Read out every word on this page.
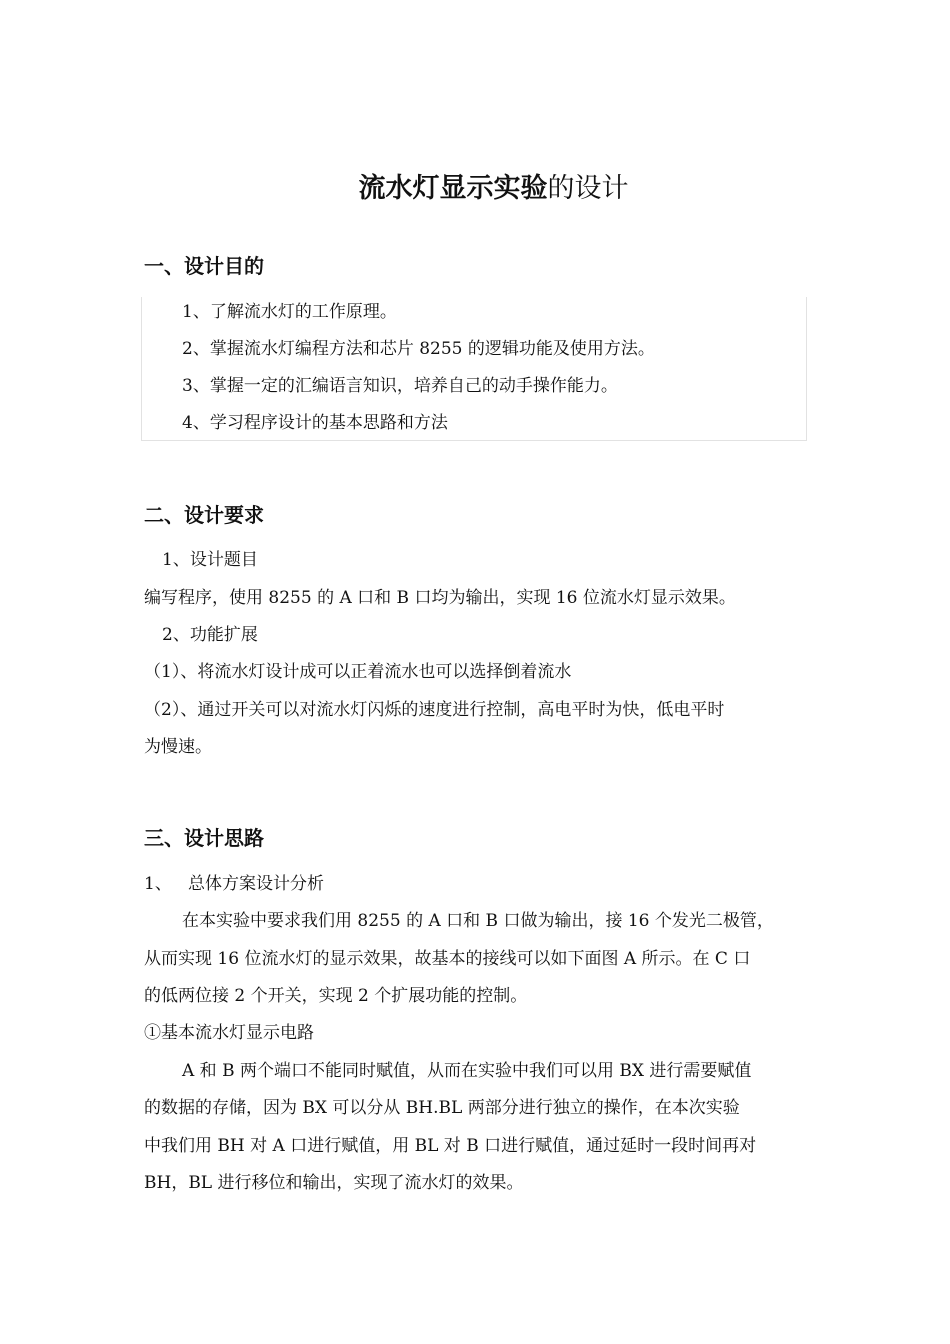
流水灯显示实验的设计
一、设计目的
1、了解流水灯的工作原理。
2、掌握流水灯编程方法和芯片 8255 的逻辑功能及使用方法。
3、掌握一定的汇编语言知识，培养自己的动手操作能力。
4、学习程序设计的基本思路和方法
二、设计要求
1、设计题目
编写程序，使用 8255 的 A 口和 B 口均为输出，实现 16 位流水灯显示效果。
2、功能扩展
（1）、将流水灯设计成可以正着流水也可以选择倒着流水
（2）、通过开关可以对流水灯闪烁的速度进行控制，高电平时为快，低电平时
为慢速。
三、设计思路
1、   总体方案设计分析
在本实验中要求我们用 8255 的 A 口和 B 口做为输出，接 16 个发光二极管，
从而实现 16 位流水灯的显示效果，故基本的接线可以如下面图 A 所示。在 C 口
的低两位接 2 个开关，实现 2 个扩展功能的控制。
①基本流水灯显示电路
A 和 B 两个端口不能同时赋值，从而在实验中我们可以用 BX 进行需要赋值
的数据的存储，因为 BX 可以分从 BH.BL 两部分进行独立的操作，在本次实验
中我们用 BH 对 A 口进行赋值，用 BL 对 B 口进行赋值，通过延时一段时间再对
BH，BL 进行移位和输出，实现了流水灯的效果。
